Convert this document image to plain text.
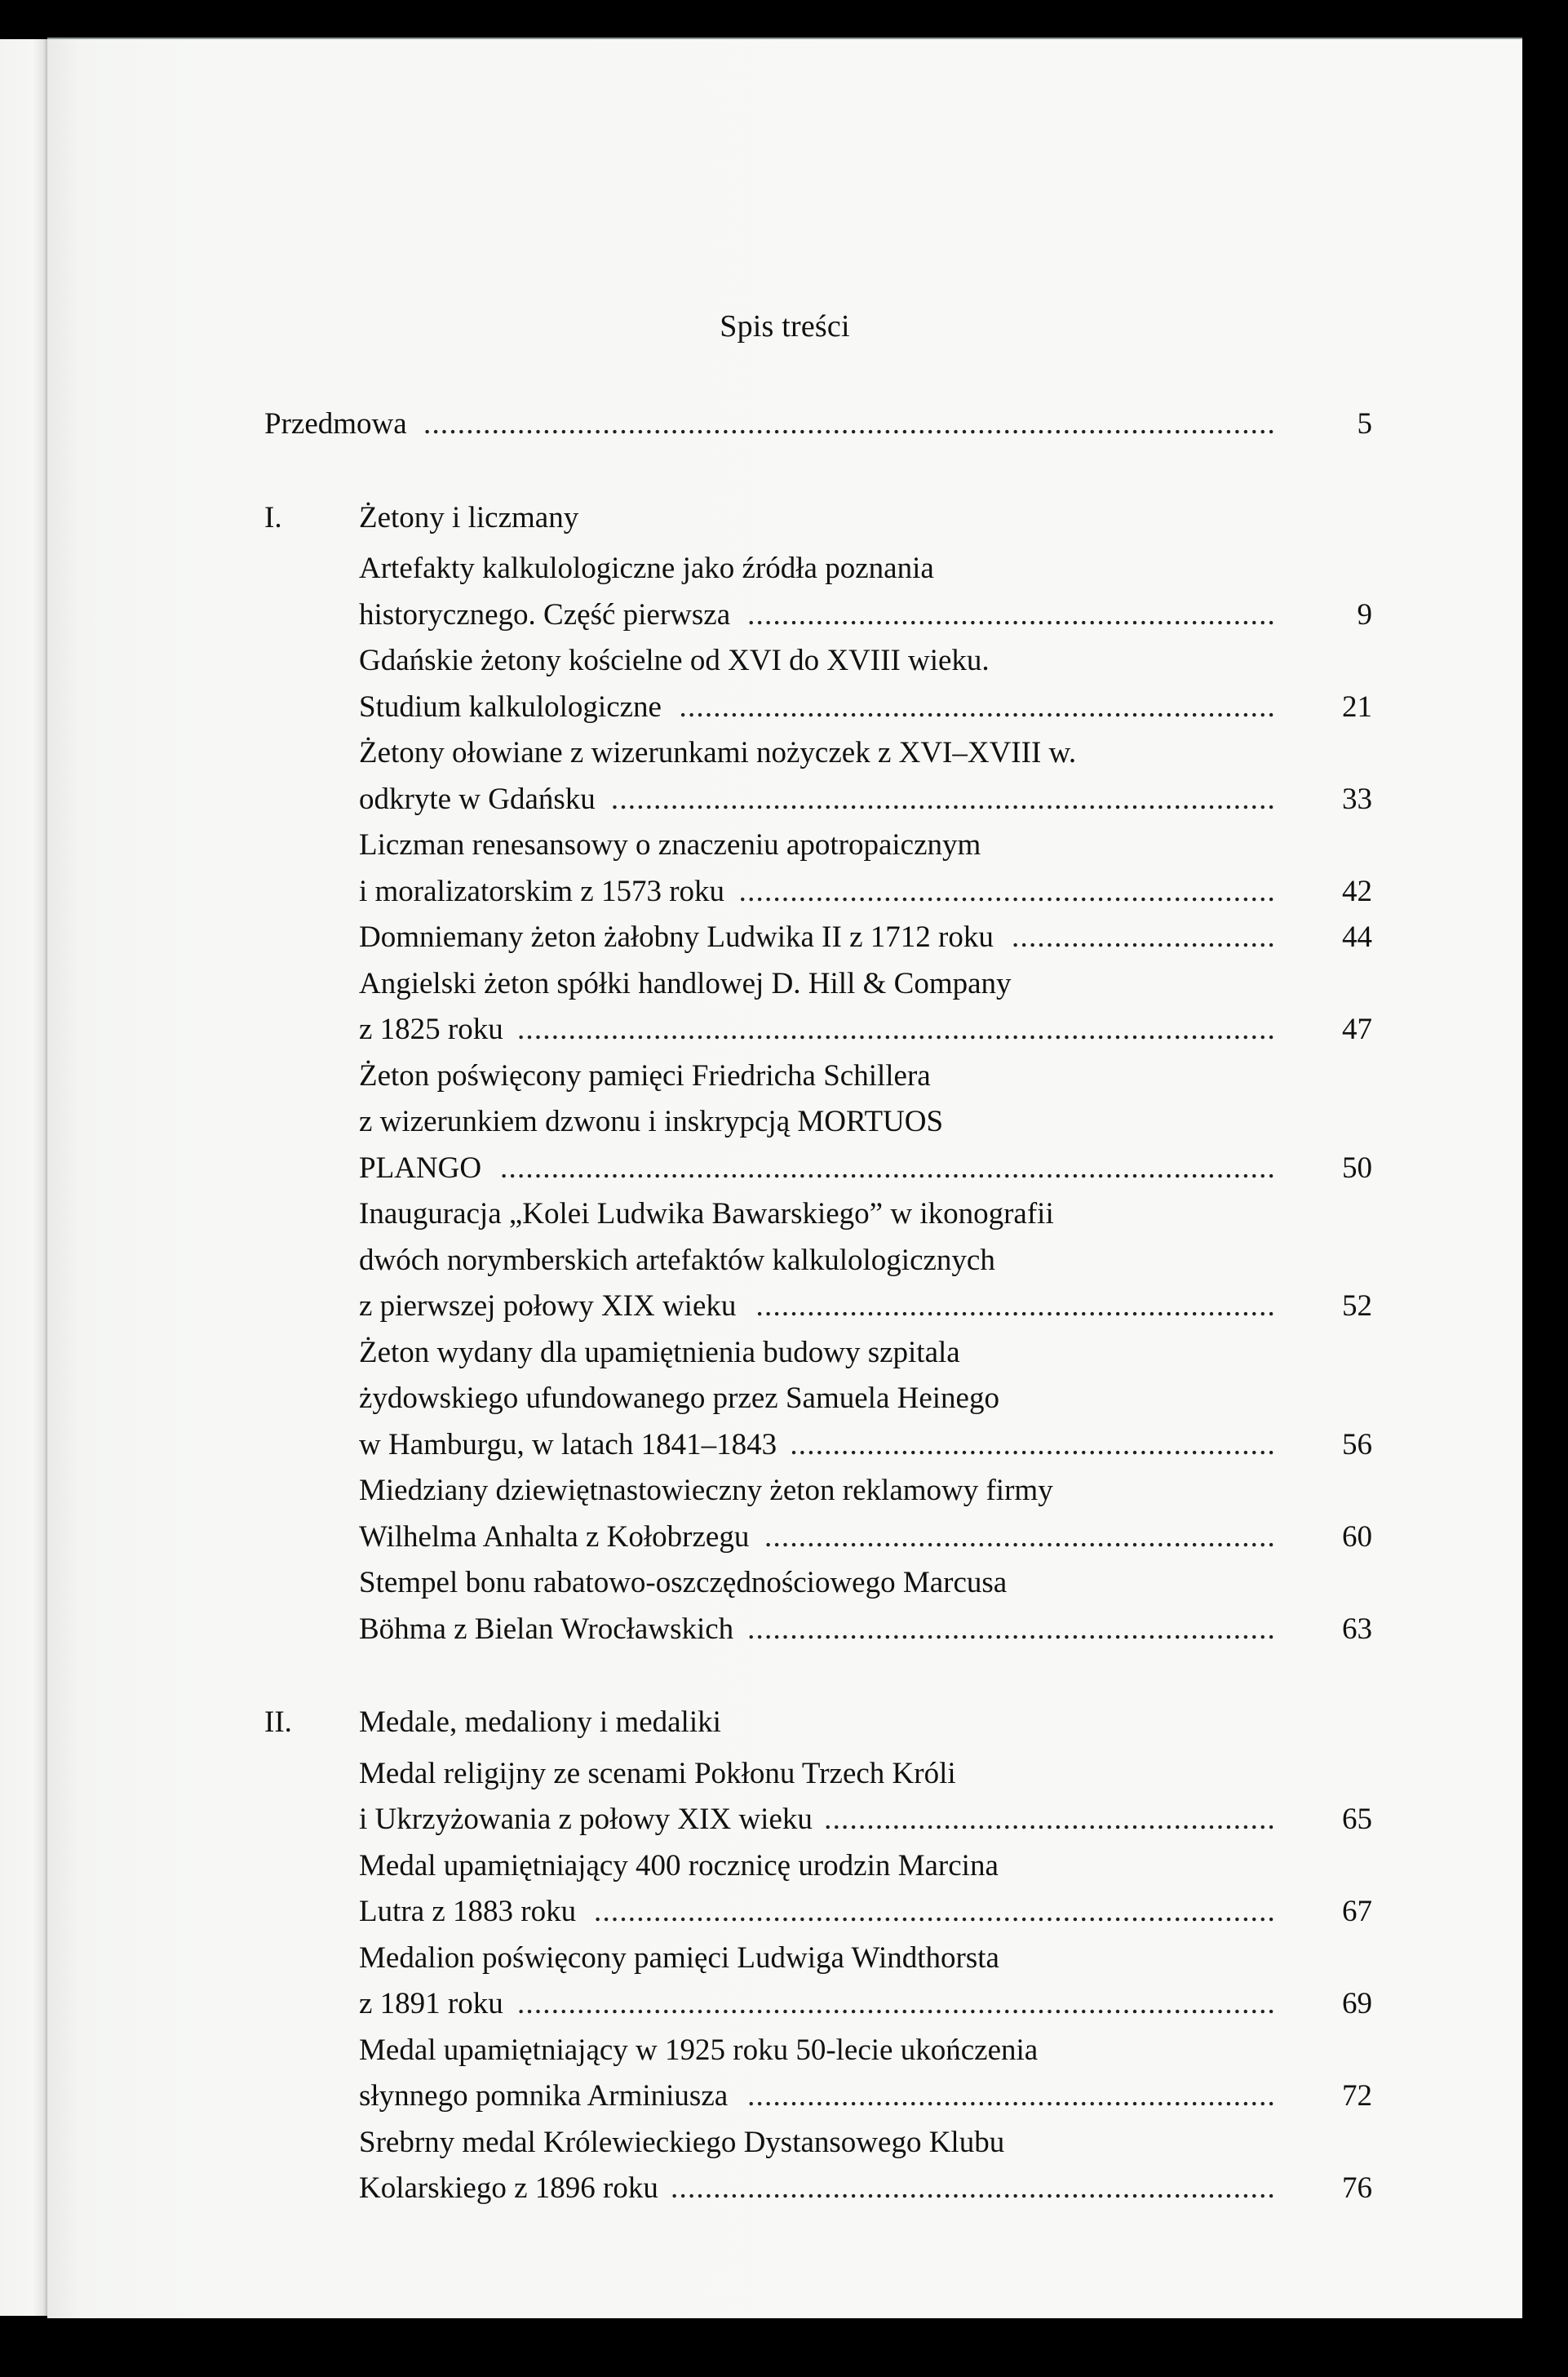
Spis treści
Przedmowa ....................................................................................................	5
I.	Żetony i liczmany
Artefakty kalkulologiczne jako źródła poznania
historycznego. Część pierwsza ..............................................................	9
Gdańskie żetony kościelne od XVI do XVIII wieku.
Studium kalkulologiczne ...................................................................... 21
Żetony ołowiane z wizerunkami nożyczek z XVI–XVIII w.
odkryte w Gdańsku .............................................................................. 33
Liczman renesansowy o znaczeniu apotropaicznym
i moralizatorskim z 1573 roku ............................................................... 42
Domniemany żeton żałobny Ludwika II z 1712 roku ............................... 44
Angielski żeton spółki handlowej D. Hill & Company
z 1825 roku ......................................................................................... 47
Żeton poświęcony pamięci Friedricha Schillera
z wizerunkiem dzwonu i inskrypcją MORTUOS
PLANGO ........................................................................................... 50
Inauguracja „Kolei Ludwika Bawarskiego” w ikonografii
dwóch norymberskich artefaktów kalkulologicznych
z pierwszej połowy XIX wieku ............................................................. 52
Żeton wydany dla upamiętnienia budowy szpitala
żydowskiego ufundowanego przez Samuela Heinego
w Hamburgu, w latach 1841–1843 ......................................................... 56
Miedziany dziewiętnastowieczny żeton reklamowy firmy
Wilhelma Anhalta z Kołobrzegu ............................................................ 60
Stempel bonu rabatowo-oszczędnościowego Marcusa
Böhma z Bielan Wrocławskich .............................................................. 63
II. Medale, medaliony i medaliki
Medal religijny ze scenami Pokłonu Trzech Króli
i Ukrzyżowania z połowy XIX wieku ..................................................... 65
Medal upamiętniający 400 rocznicę urodzin Marcina
Lutra z 1883 roku ................................................................................ 67
Medalion poświęcony pamięci Ludwiga Windthorsta
z 1891 roku ......................................................................................... 69
Medal upamiętniający w 1925 roku 50-lecie ukończenia
słynnego pomnika Arminiusza .............................................................. 72
Srebrny medal Królewieckiego Dystansowego Klubu
Kolarskiego z 1896 roku ....................................................................... 76
